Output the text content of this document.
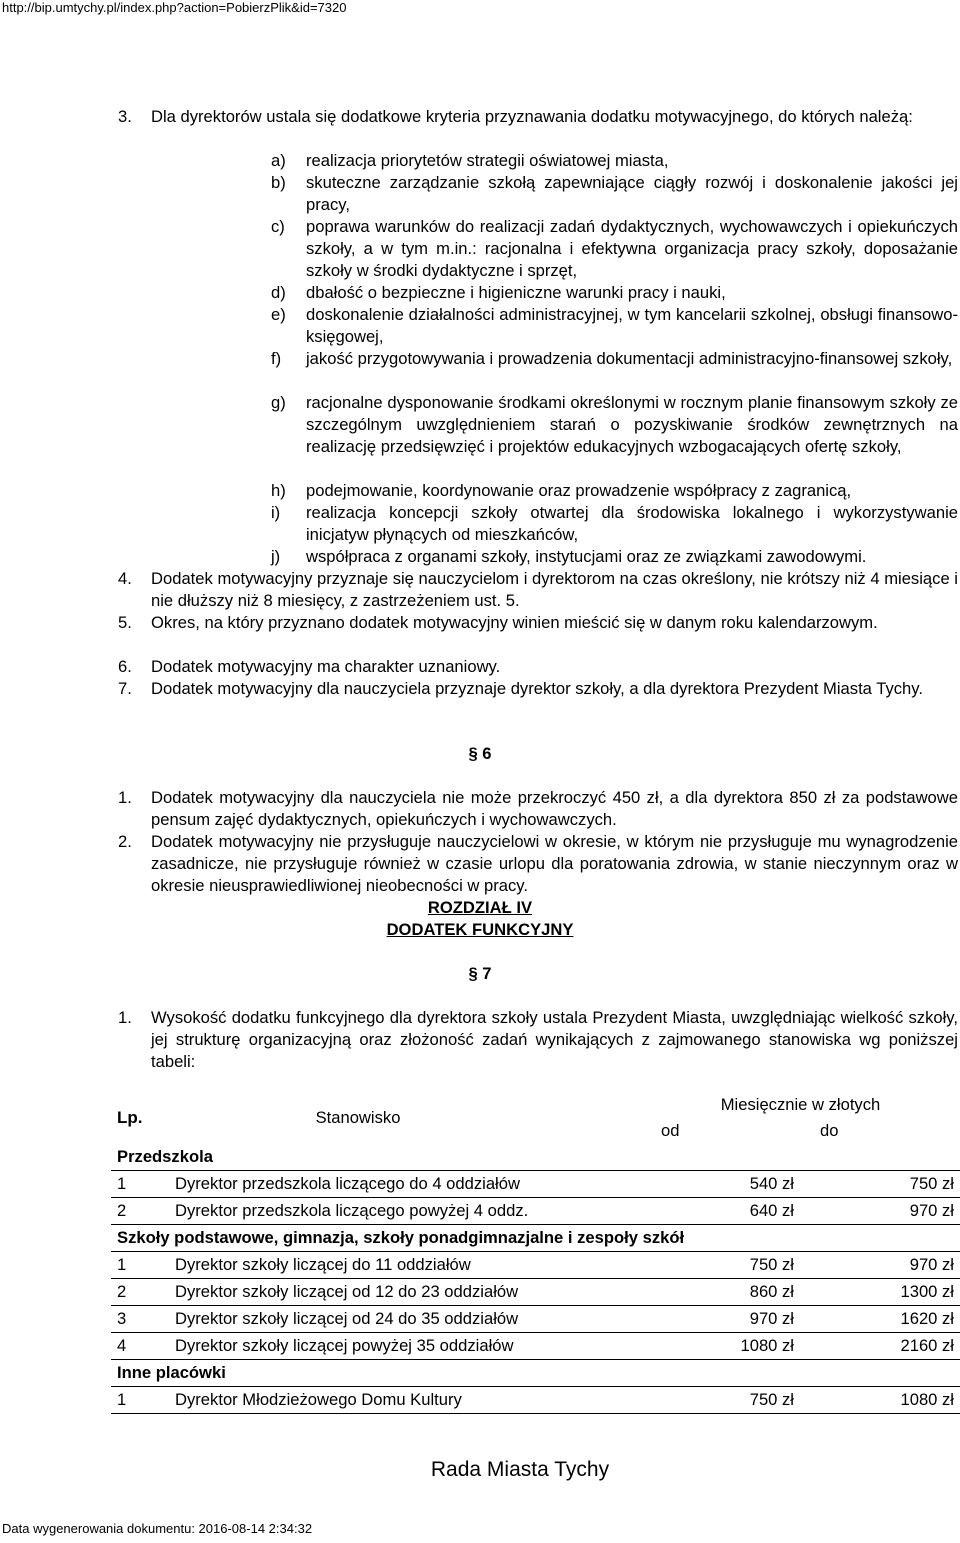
http://bip.umtychy.pl/index.php?action=PobierzPlik&id=7320
3. Dla dyrektorów ustala się dodatkowe kryteria przyznawania dodatku motywacyjnego, do których należą:
a) realizacja priorytetów strategii oświatowej miasta,
b) skuteczne zarządzanie szkołą zapewniające ciągły rozwój i doskonalenie jakości jej pracy,
c) poprawa warunków do realizacji zadań dydaktycznych, wychowawczych i opiekuńczych szkoły, a w tym m.in.: racjonalna i efektywna organizacja pracy szkoły, doposażanie szkoły w środki dydaktyczne i sprzęt,
d) dbałość o bezpieczne i higieniczne warunki pracy i nauki,
e) doskonalenie działalności administracyjnej, w tym kancelarii szkolnej, obsługi finansowo-księgowej,
f) jakość przygotowywania i prowadzenia dokumentacji administracyjno-finansowej szkoły,
g) racjonalne dysponowanie środkami określonymi w rocznym planie finansowym szkoły ze szczególnym uwzględnieniem starań o pozyskiwanie środków zewnętrznych na realizację przedsięwzięć i projektów edukacyjnych wzbogacających ofertę szkoły,
h) podejmowanie, koordynowanie oraz prowadzenie współpracy z zagranicą,
i) realizacja koncepcji szkoły otwartej dla środowiska lokalnego i wykorzystywanie inicjatyw płynących od mieszkańców,
j) współpraca z organami szkoły, instytucjami oraz ze związkami zawodowymi.
4. Dodatek motywacyjny przyznaje się nauczycielom i dyrektorom na czas określony, nie krótszy niż 4 miesiące i nie dłuższy niż 8 miesięcy, z zastrzeżeniem ust. 5.
5. Okres, na który przyznano dodatek motywacyjny winien mieścić się w danym roku kalendarzowym.
6. Dodatek motywacyjny ma charakter uznaniowy.
7. Dodatek motywacyjny dla nauczyciela przyznaje dyrektor szkoły, a dla dyrektora Prezydent Miasta Tychy.
§ 6
1. Dodatek motywacyjny dla nauczyciela nie może przekroczyć 450 zł, a dla dyrektora 850 zł za podstawowe pensum zajęć dydaktycznych, opiekuńczych i wychowawczych.
2. Dodatek motywacyjny nie przysługuje nauczycielowi w okresie, w którym nie przysługuje mu wynagrodzenie zasadnicze, nie przysługuje również w czasie urlopu dla poratowania zdrowia, w stanie nieczynnym oraz w okresie nieusprawiedliwionej nieobecności w pracy.
ROZDZIAŁ IV
DODATEK FUNKCYJNY
§ 7
1. Wysokość dodatku funkcyjnego dla dyrektora szkoły ustala Prezydent Miasta, uwzględniając wielkość szkoły, jej strukturę organizacyjną oraz złożoność zadań wynikających z zajmowanego stanowiska wg poniższej tabeli:
Lp.	Stanowisko	Miesięcznie w złotych	
		od	do
Przedszkola			
1	Dyrektor przedszkola liczącego do 4 oddziałów	540 zł	750 zł
2	Dyrektor przedszkola liczącego powyżej 4 oddz.	640 zł	970 zł
Szkoły podstawowe, gimnazja, szkoły ponadgimnazjalne i zespoły szkół			
1	Dyrektor szkoły liczącej do 11 oddziałów	750 zł	970 zł
2	Dyrektor szkoły liczącej od 12 do 23 oddziałów	860 zł	1300 zł
3	Dyrektor szkoły liczącej od 24 do 35 oddziałów	970 zł	1620 zł
4	Dyrektor szkoły liczącej powyżej 35 oddziałów	1080 zł	2160 zł
Inne placówki			
1	Dyrektor Młodzieżowego Domu Kultury	750 zł	1080 zł
Rada Miasta Tychy
Data wygenerowania dokumentu: 2016-08-14 2:34:32
